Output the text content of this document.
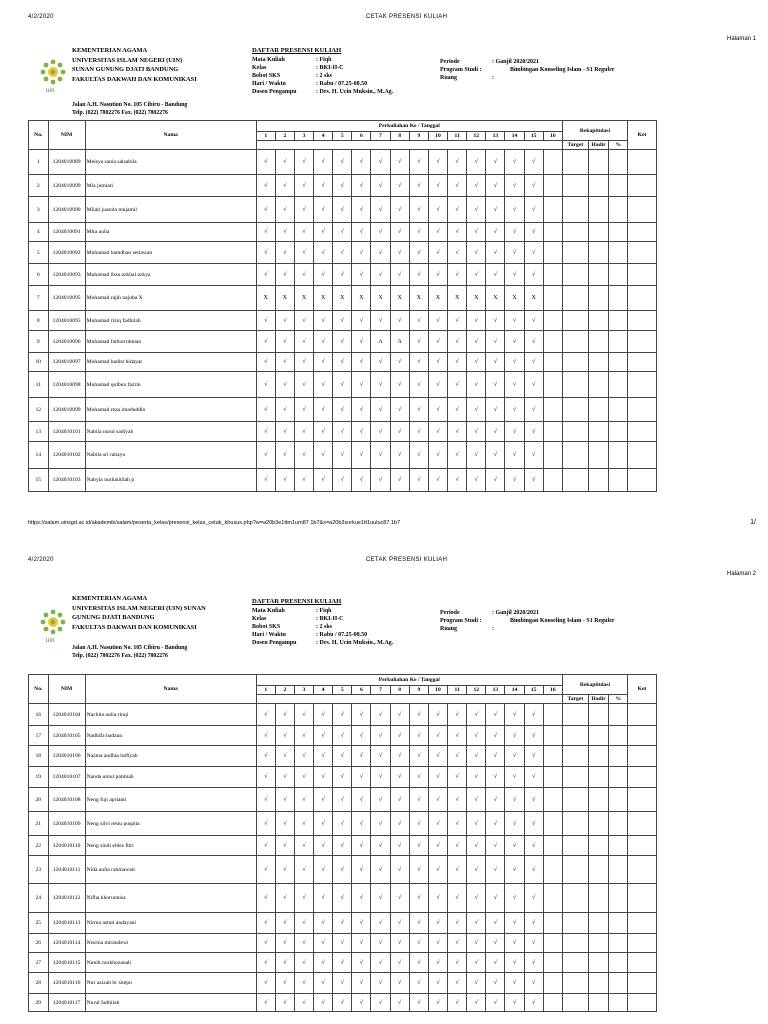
4/2/2020	CETAK PRESENSI KULIAH
Halaman 1
uin
KEMENTERIAN AGAMA
UNIVERSITAS ISLAM NEGERI (UIN)
SUNAN GUNUNG DJATI BANDUNG
FAKULTAS DAKWAH DAN KOMUNIKASI
Jalan A.H. Nasution No. 105 Cibiru - Bandung
Telp. (022) 7802276 Fax. (022) 7802276
DAFTAR PRESENSI KULIAH
Mata Kuliah	: Fiqh
Kelas	: BKI-II-C
Bobot SKS	: 2 sks
Hari / Waktu	: Rabu / 07.25-08.50
Dosen Pengampu	: Drs. H. Ucin Muksin., M.Ag.
Periode	: Ganjil 2020/2021
Program Studi :	Bimbingan Konseling Islam - S1 Reguler
Ruang	:
No.	NIM	Nama	Perkuliahan Ke / Tanggal																Rekapitulasi			Ket
			1	2	3	4	5	6	7	8	9	10	11	12	13	14	15	16				
																			Target	Hadir	%	
1	1204010089	Meisya sania salsabila	√	√	√	√	√	√	√	√	√	√	√	√	√	√	√					
2	1204010099	Mia jumiati	√	√	√	√	√	√	√	√	√	√	√	√	√	√	√					
3	1204010090	Milati juanita mujamil	√	√	√	√	√	√	√	√	√	√	√	√	√	√	√					
4	1204010091	Mita aulia	√	√	√	√	√	√	√	√	√	√	√	√	√	√	√					
5	1204010092	Muhamad hamdhan setiawan	√	√	√	√	√	√	√	√	√	√	√	√	√	√	√					
6	1204010093	Muhamad ihza azkhal azkya	√	√	√	√	√	√	√	√	√	√	√	√	√	√	√					
7	1204010095	Muhamad rajib najuba X	X	X	X	X	X	X	X	X	X	X	X	X	X	X	X					
8	1204010095	Muhamad riziq fadhilah	√	√	√	√	√	√	√	√	√	√	√	√	√	√	√					
9	1204010096	Muhamad fathurrohman	√	√	√	√	√	√	A	A	√	√	√	√	√	√	√					
10	1204010097	Muhamad hadist hidayat	√	√	√	√	√	√	√	√	√	√	√	√	√	√	√					
11	1204010098	Muhamad qolbun fazrin	√	√	√	√	√	√	√	√	√	√	√	√	√	√	√					
12	1204010099	Muhamad reza imaduddin	√	√	√	√	√	√	√	√	√	√	√	√	√	√	√					
13	1204010101	Nabila nurul sadiyah	√	√	√	√	√	√	√	√	√	√	√	√	√	√	√					
14	1204010102	Nabila sri rahayu	√	√	√	√	√	√	√	√	√	√	√	√	√	√	√					
15	1204010103	Nabyla nurhaiitilah p	√	√	√	√	√	√	√	√	√	√	√	√	√	√	√					
https://salam.uinsgd.ac.id/akademik/salam/peserta_kelas/presensi_kelas_cetak_khusus.php?w=a20b3e1ttm1um87 1b7&x=a20b3surkue1tt1uuluc87 1b7	1/
4/2/2020	CETAK PRESENSI KULIAH
Halaman 2
uin
KEMENTERIAN AGAMA
UNIVERSITAS ISLAM NEGERI (UIN) SUNAN
GUNUNG DJATI BANDUNG
FAKULTAS DAKWAH DAN KOMUNIKASI
Jalan A.H. Nasution No. 105 Cibiru - Bandung
Telp. (022) 7802276 Fax. (022) 7802276
DAFTAR PRESENSI KULIAH
Mata Kuliah	: Fiqh
Kelas	: BKI-II-C
Bobot SKS	: 2 sks
Hari / Waktu	: Rabu / 07.25-08.50
Dosen Pengampu	: Drs. H. Ucin Muksin., M.Ag.
Periode	: Ganjil 2020/2021
Program Studi :	Bimbingan Konseling Islam - S1 Reguler
Ruang	:
No.	NIM	Nama	Perkuliahan Ke / Tanggal																Rekapitulasi			Ket
			1	2	3	4	5	6	7	8	9	10	11	12	13	14	15	16				
																			Target	Hadir	%	
16	1204010104	Nachita aulia rinqi	√	√	√	√	√	√	√	√	√	√	√	√	√	√	√					
17	1204010105	Nadhifa badzun	√	√	√	√	√	√	√	√	√	√	√	√	√	√	√					
18	1204010106	Nazma audhia lutfiyah	√	√	√	√	√	√	√	√	√	√	√	√	√	√	√					
19	1204010107	Nanda umul patimah	√	√	√	√	√	√	√	√	√	√	√	√	√	√	√					
20	1204010108	Neng fuji aprianti	√	√	√	√	√	√	√	√	√	√	√	√	√	√	√					
21	1204010109	Neng silvi restu puspita	√	√	√	√	√	√	√	√	√	√	√	√	√	√	√					
22	1204010110	Neng sindi eldes fitri	√	√	√	√	√	√	√	√	√	√	√	√	√	√	√					
23	1204010111	Nida aulia rahmawati	√	√	√	√	√	√	√	√	√	√	√	√	√	√	√					
24	1204010112	Nifha khorunnisa	√	√	√	√	√	√	√	√	√	√	√	√	√	√	√					
25	1204010113	Nirma astuti andayani	√	√	√	√	√	√	√	√	√	√	√	√	√	√	√					
26	1204010114	Nisrina mirandewi	√	√	√	√	√	√	√	√	√	√	√	√	√	√	√					
27	1204010115	Nunik nurkhozanah	√	√	√	√	√	√	√	√	√	√	√	√	√	√	√					
28	1204010116	Nur azizah br sitepu	√	√	√	√	√	√	√	√	√	√	√	√	√	√	√					
29	1204010117	Nurul fadhilah	√	√	√	√	√	√	√	√	√	√	√	√	√	√	√					
